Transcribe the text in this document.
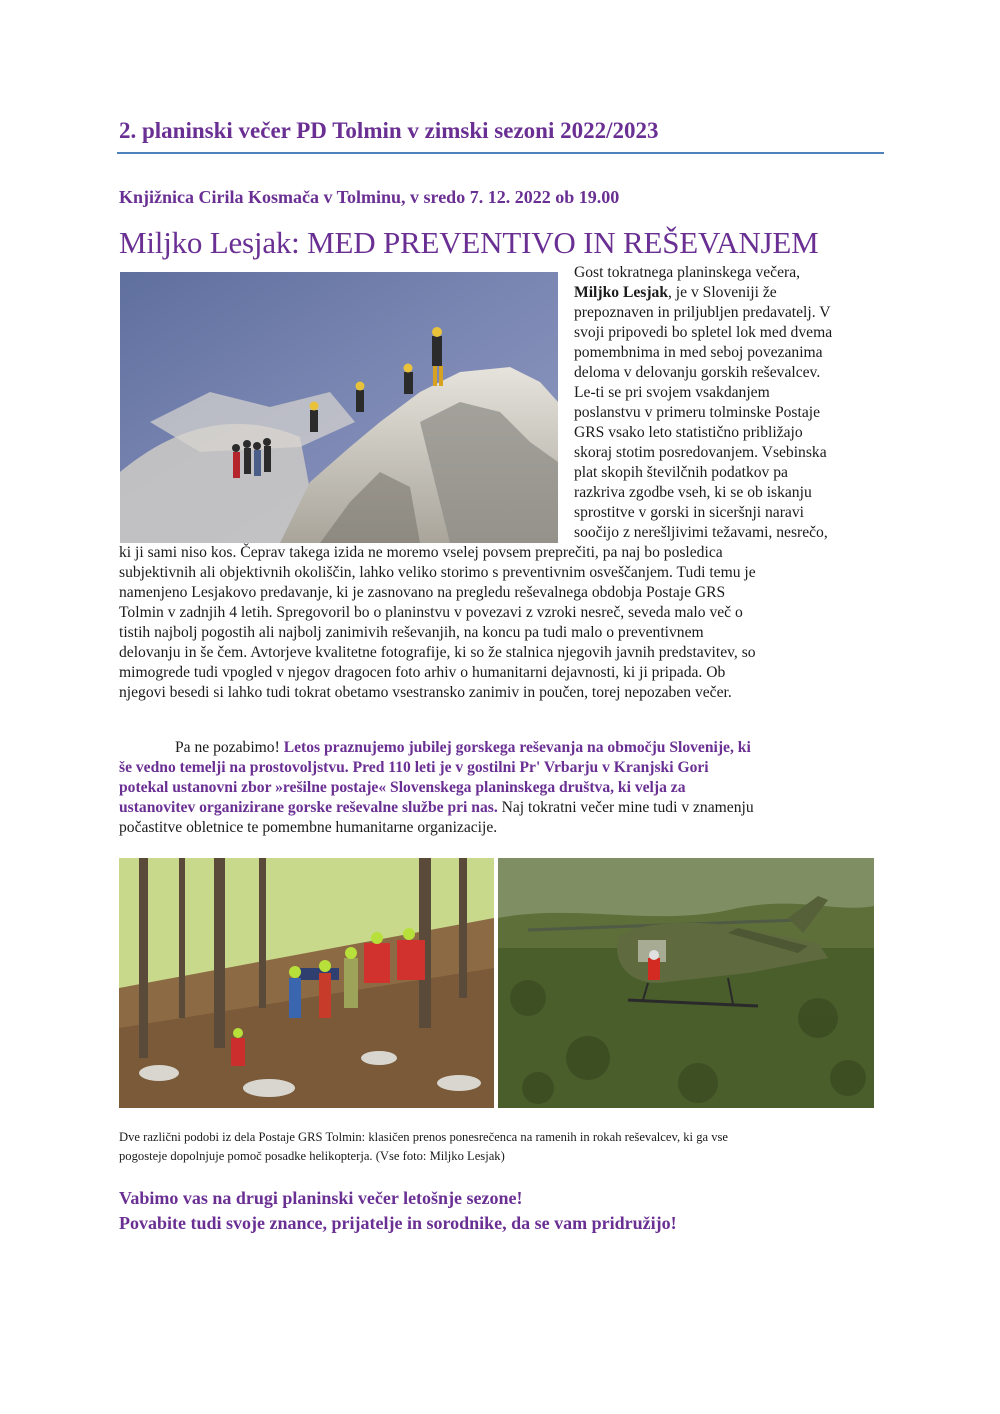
2. planinski večer PD Tolmin v zimski sezoni 2022/2023

Knjižnica Cirila Kosmača v Tolminu, v sredo 7. 12. 2022 ob 19.00

Miljko Lesjak: MED PREVENTIVO IN REŠEVANJEM
Gost tokratnega planinskega večera,
Miljko Lesjak, je v Sloveniji že
prepoznaven in priljubljen predavatelj. V
svoji pripovedi bo spletel lok med dvema
pomembnima in med seboj povezanima
deloma v delovanju gorskih reševalcev.
Le-ti se pri svojem vsakdanjem
poslanstvu v primeru tolminske Postaje
GRS vsako leto statistično približajo
skoraj stotim posredovanjem. Vsebinska
plat skopih številčnih podatkov pa
razkriva zgodbe vseh, ki se ob iskanju
sprostitve v gorski in siceršnji naravi
soočijo z nerešljivimi težavami, nesrečo,
ki ji sami niso kos. Čeprav takega izida ne moremo vselej povsem preprečiti, pa naj bo posledica
subjektivnih ali objektivnih okoliščin, lahko veliko storimo s preventivnim osveščanjem. Tudi temu je
namenjeno Lesjakovo predavanje, ki je zasnovano na pregledu reševalnega obdobja Postaje GRS
Tolmin v zadnjih 4 letih. Spregovoril bo o planinstvu v povezavi z vzroki nesreč, seveda malo več o
tistih najbolj pogostih ali najbolj zanimivih reševanjih, na koncu pa tudi malo o preventivnem
delovanju in še čem. Avtorjeve kvalitetne fotografije, ki so že stalnica njegovih javnih predstavitev, so
mimogrede tudi vpogled v njegov dragocen foto arhiv o humanitarni dejavnosti, ki ji pripada. Ob
njegovi besedi si lahko tudi tokrat obetamo vsestransko zanimiv in poučen, torej nepozaben večer.
Pa ne pozabimo! Letos praznujemo jubilej gorskega reševanja na območju Slovenije, ki
še vedno temelji na prostovoljstvu. Pred 110 leti je v gostilni Pr' Vrbarju v Kranjski Gori
potekal ustanovni zbor »rešilne postaje« Slovenskega planinskega društva, ki velja za
ustanovitev organizirane gorske reševalne službe pri nas. Naj tokratni večer mine tudi v znamenju
počastitve obletnice te pomembne humanitarne organizacije.
Dve različni podobi iz dela Postaje GRS Tolmin: klasičen prenos ponesrečenca na ramenih in rokah reševalcev, ki ga vse
pogosteje dopolnjuje pomoč posadke helikopterja. (Vse foto: Miljko Lesjak)
Vabimo vas na drugi planinski večer letošnje sezone!
Povabite tudi svoje znance, prijatelje in sorodnike, da se vam pridružijo!
